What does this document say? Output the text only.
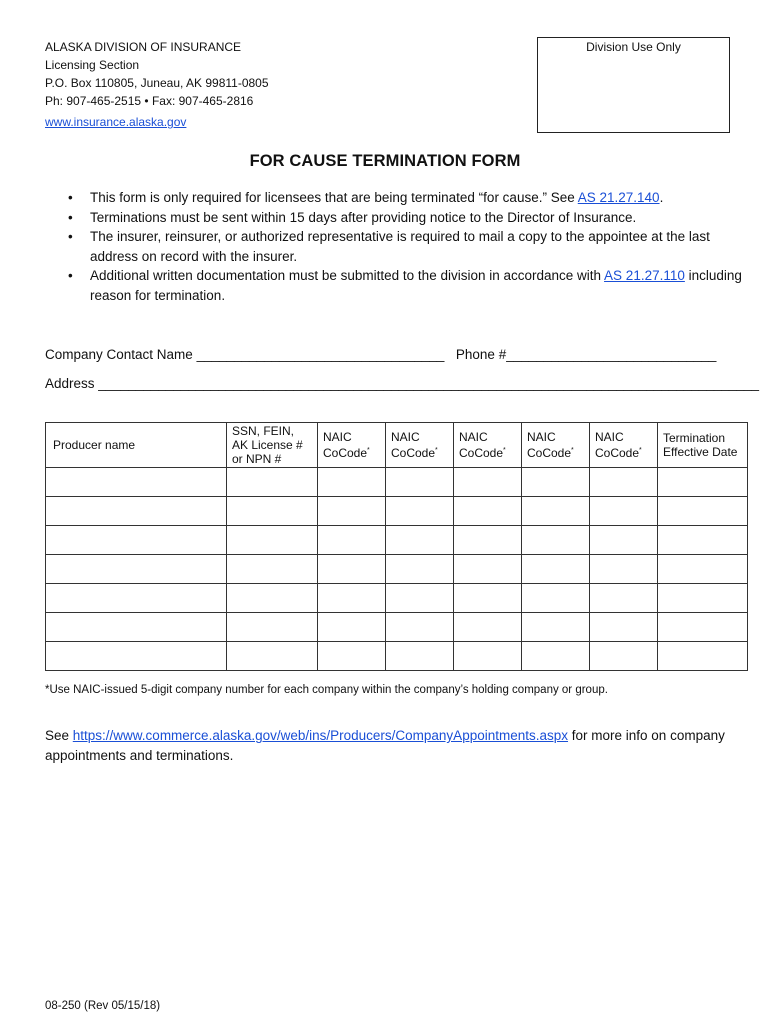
ALASKA DIVISION OF INSURANCE
Licensing Section
P.O. Box 110805, Juneau, AK 99811-0805
Ph: 907-465-2515 • Fax: 907-465-2816
www.insurance.alaska.gov
Division Use Only
FOR CAUSE TERMINATION FORM
• This form is only required for licensees that are being terminated “for cause.” See AS 21.27.140.
• Terminations must be sent within 15 days after providing notice to the Director of Insurance.
• The insurer, reinsurer, or authorized representative is required to mail a copy to the appointee at the last address on record with the insurer.
• Additional written documentation must be submitted to the division in accordance with AS 21.27.110 including reason for termination.
Company Contact Name _________________________________ Phone #____________________________
Address ________________________________________________________________________________________
Producer name	SSN, FEIN, AK License # or NPN #	NAIC CoCode*	NAIC CoCode*	NAIC CoCode*	NAIC CoCode*	NAIC CoCode*	Termination Effective Date

*Use NAIC-issued 5-digit company number for each company within the company’s holding company or group.
See https://www.commerce.alaska.gov/web/ins/Producers/CompanyAppointments.aspx for more info on company appointments and terminations.
08-250 (Rev 05/15/18)
